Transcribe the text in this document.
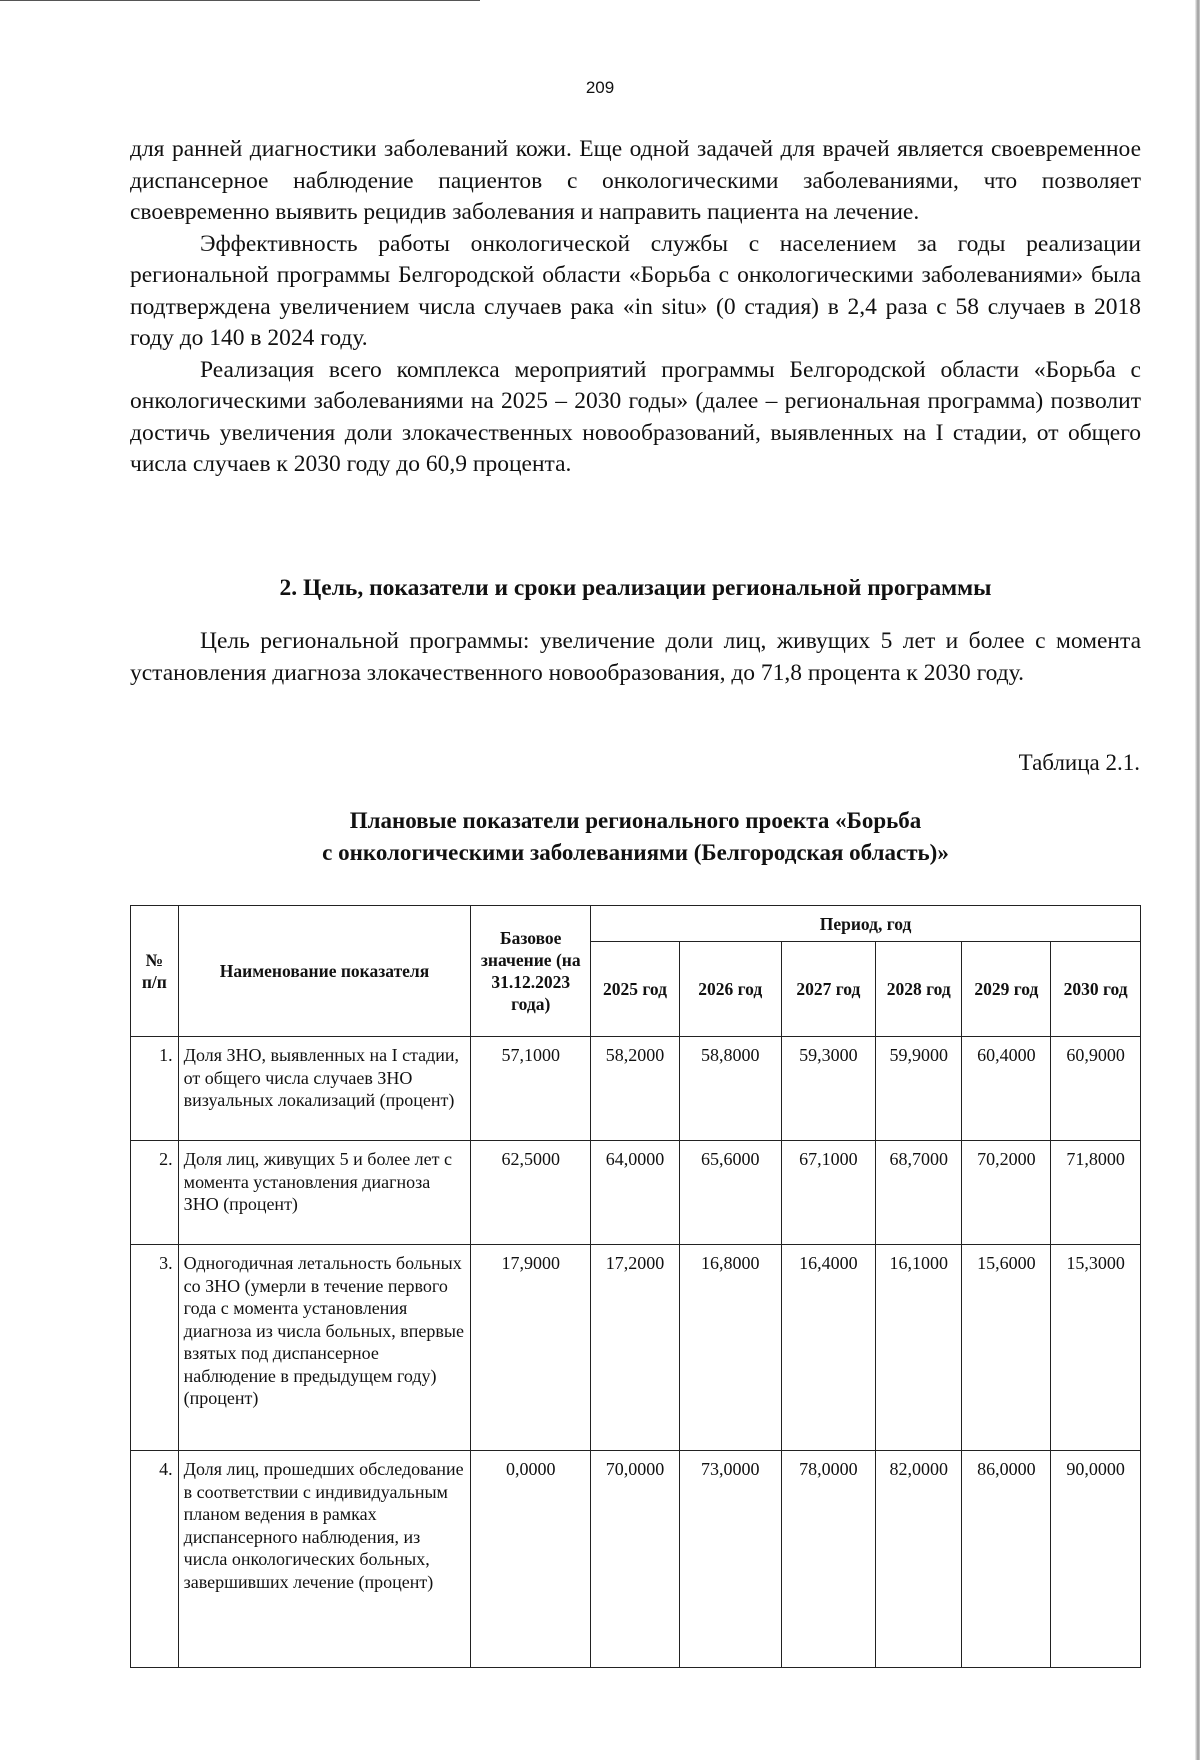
209

для ранней диагностики заболеваний кожи. Еще одной задачей для врачей является своевременное диспансерное наблюдение пациентов с онкологическими заболеваниями, что позволяет своевременно выявить рецидив заболевания и направить пациента на лечение.

Эффективность работы онкологической службы с населением за годы реализации региональной программы Белгородской области «Борьба с онкологическими заболеваниями» была подтверждена увеличением числа случаев рака «in situ» (0 стадия) в 2,4 раза с 58 случаев в 2018 году до 140 в 2024 году.

Реализация всего комплекса мероприятий программы Белгородской области «Борьба с онкологическими заболеваниями на 2025 – 2030 годы» (далее – региональная программа) позволит достичь увеличения доли злокачественных новообразований, выявленных на I стадии, от общего числа случаев к 2030 году до 60,9 процента.

2. Цель, показатели и сроки реализации региональной программы

Цель региональной программы: увеличение доли лиц, живущих 5 лет и более с момента установления диагноза злокачественного новообразования, до 71,8 процента к 2030 году.

Таблица 2.1.
Плановые показатели регионального проекта «Борьба
с онкологическими заболеваниями (Белгородская область)»
№ п/п	Наименование показателя	Базовое значение (на 31.12.2023 года)	Период, год					
			2025 год	2026 год	2027 год	2028 год	2029 год	2030 год
1.	Доля ЗНО, выявленных на I стадии, от общего числа случаев ЗНО визуальных локализаций (процент)	57,1000	58,2000	58,8000	59,3000	59,9000	60,4000	60,9000
2.	Доля лиц, живущих 5 и более лет с момента установления диагноза ЗНО (процент)	62,5000	64,0000	65,6000	67,1000	68,7000	70,2000	71,8000
3.	Одногодичная летальность больных со ЗНО (умерли в течение первого года с момента установления диагноза из числа больных, впервые взятых под диспансерное наблюдение в предыдущем году) (процент)	17,9000	17,2000	16,8000	16,4000	16,1000	15,6000	15,3000
4.	Доля лиц, прошедших обследование в соответствии с индивидуальным планом ведения в рамках диспансерного наблюдения, из числа онкологических больных, завершивших лечение (процент)	0,0000	70,0000	73,0000	78,0000	82,0000	86,0000	90,0000
